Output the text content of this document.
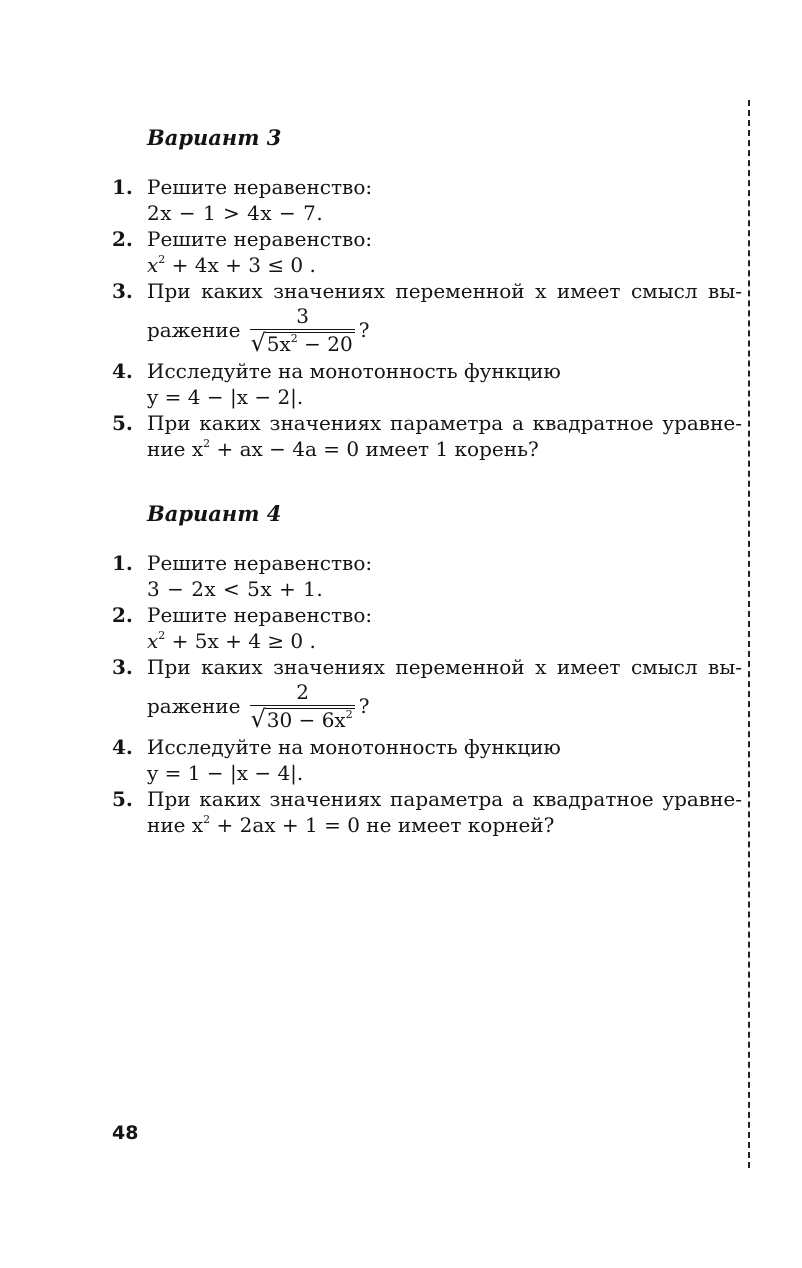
Вариант 3
1. Решите неравенство:
2x − 1 > 4x − 7.
2. Решите неравенство:
$x^2 + 4x + 3 \le 0$ .
3. При каких значениях переменной x имеет смысл вы-
ражение $\frac{3}{√ 5x^2 - 20}$ ?
4. Исследуйте на монотонность функцию
y = 4 − |x − 2|.
5. При каких значениях параметра a квадратное уравне-
ние $x^2$ + ax − 4a = 0 имеет 1 корень?
Вариант 4
1. Решите неравенство:
3 − 2x < 5x + 1.
2. Решите неравенство:
$x^2 + 5x + 4 \ge 0$ .
3. При каких значениях переменной x имеет смысл вы-
ражение $\frac{2}{√ 30 - 6x^2}$ ?
4. Исследуйте на монотонность функцию
y = 1 − |x − 4|.
5. При каких значениях параметра a квадратное уравне-
ние $x^2 + 2ax + 1 = 0$ не имеет корней?
48
